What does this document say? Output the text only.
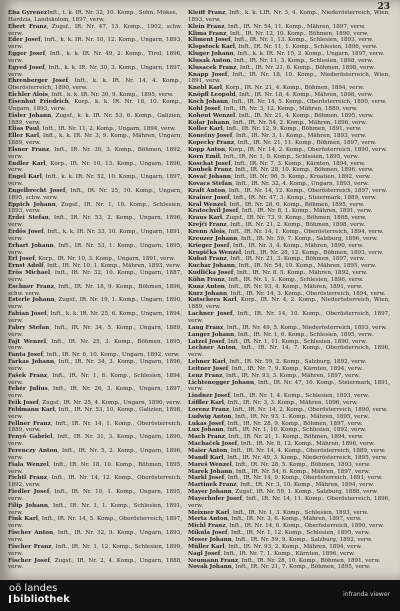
23

Eba GyrenezInft., t. k. IR. Nr. 32, 10. Komp., Sohn. Mükes,

Hardzia, Landskolom, 1897, verw.

Ebert Franz, Zugsf., IR. Nr. 47, 13. Komp., 1902, schw. verw.

Eder Josef, Inft., k. k. IR. Nr. 10, 12. Komp., Ungarn, 1893, verw.

Egger Josef, Inft., k. k. IR. Nr. 49, 2. Komp., Tirol, 1896, verw.

Egyed Josef, Inft., k. k. IR. Nr. 30, 3. Komp., Ungarn, 1897, verw.

Ehrenberger Josef, Inft., k. k. IR. Nr. 14, 4. Komp., Oberösterreich, 1890, verw.

Eichler Alois, Inft., k. k. IR. Nr. 30, 9. Komp., 1895, verw.

Eisenhut Friedrich, Korp., k. k. IR. Nr. 18, 10. Komp., Ungarn, 1893, verw.

Eisler Johann, Zugsf., k. k. IR. Nr. 53, 6. Komp., Galizien, 1889, verw.

Elias Paul, Inft., IR. Nr. 11, 2. Komp., Ungarn, 1894, verw.

Eller Karl, Inft., k. k. IR. Nr. 3, 9. Komp., Mähren, Ungarn, 1889, verw.

Elsner Franz, Inft., IR. Nr. 30, 3. Komp., Böhmen, 1892, verw.

Endler Karl, Korp., IR. Nr. 10, 13. Komp., Ungarn, 1896, verw.

Engel Karl, Inft., k. k. IR. Nr. 52, 10. Komp., Ungarn, 1897, verw.

Engelbrecht Josef, Inft., IR. Nr. 25, 10. Komp., Ungarn, 1895, schw. verw.

Eppich Johann, Zugsf., IR. Nr. 1, 10. Komp., Schlesien, 1893, verw.

Erdei Stefan, Inft., IR. Nr. 53, 2. Komp., Ungarn, 1896, verw.

Erdős Josef, Inft., k. k. IR. Nr. 33, 10. Komp., Ungarn, 1891, verw.

Erhart Johann, Inft., IR. Nr. 53, 1. Komp., Ungarn, 1895, verw.

Erl Josef, Korp., IR. Nr. 10, 3. Komp., Ungarn, 1891, verw.

Ernst Adolf, Inft., IR. Nr. 10, 1. Komp., Mähren, 1893, verw.

Erös Michael, Inft., IR. Nr. 32, 10. Komp., Ungarn, 1887, verw.

Eschner Franz, Inft., IR. Nr. 18, 9. Komp., Böhmen, 1896, schw. verw.

Esterle Johann, Zugsf., IR. Nr. 19, 1. Komp., Ungarn, 1890, verw.

Fabian Josef, Inft., k. k. IR. Nr. 25, 6. Komp., Ungarn, 1894, verw.

Fabry Stefan, Inft., IR. Nr. 34, 5. Komp., Ungarn, 1889, verw.

Fajt Wenzel, Inft., IR. Nr. 25, 3. Komp., Böhmen, 1895, verw.

Fanta Josef, Inft., IR. Nr. 6, 10. Komp., Ungarn, 1892, verw.

Farkas Johann, Inft., IR. Nr. 34, 3. Komp., Ungarn, 1896, verw.

Fašek Franz, Inft., IR. Nr. 1, 8. Komp., Schlesien, 1894, verw.

Fehér Julius, Inft., IR. Nr. 26, 3. Komp., Ungarn, 1897, verw.

Feik Josef, Zugsf., IR. Nr. 25, 4. Komp., Ungarn, 1890, verw.

Feldmann Karl, Inft., IR. Nr. 53, 10. Komp., Galizien, 1898, verw.

Fellner Franz, Inft., IR. Nr. 14, 1. Komp., Oberösterreich, 1889, verw.

Fenyő Gabriel, Inft., IR. Nr. 31, 3. Komp., Ungarn, 1890, verw.

Ferenczy Anton, Inft., IR. Nr. 5, 2. Komp., Ungarn, 1896, verw.

Fiala Wenzel, Inft., IR. Nr. 18, 10. Komp., Böhmen, 1895, verw.

Fichtl Franz, Inft., IR. Nr. 14, 12. Komp., Oberösterreich, 1892, verw.

Fiedler Josef, Inft., IR. Nr. 10, 1. Komp., Ungarn, 1895, verw.

Filip Johann, Inft., IR. Nr. 1, 1. Komp., Schlesien, 1891, verw.

Fink Karl, Inft., IR. Nr. 14, 5. Komp., Oberösterreich, 1897, verw.

Fischer Anton, Inft., IR. Nr. 32, 9. Komp., Ungarn, 1893, verw.

Fischer Franz, Inft., IR. Nr. 1, 12. Komp., Schlesien, 1899, verw.

Fischer Josef, Zugsf., IR. Nr. 2, 4. Komp., Ungarn, 1888, verw.

Kleiff Franz, Inft., k. k. LIR. Nr. 3, 4. Komp., Niederösterreich, Wien, 1893, verw.

Klein Franz, Inft., IR. Nr. 54, 11. Komp., Mähren, 1897, verw.

Klima Franz, Inft., IR. Nr. 12, 10. Komp., Böhmen, 1890, verw.

Kliment Josef, Inft., IR. Nr. 1, 13. Komp., Schlesien, 1893, verw.

Klopstock Karl, Inft., IR. Nr. 11, 1. Komp., Schlesien, 1896, verw.

Kluger Johann, Inft., k. k. IR. Nr. 15, 2. Komp., Ungarn, 1897, verw.

Klusak Anton, Inft., IR. Nr. 11, 3. Komp., Schlesien, 1898, verw.

Klusacek Franz, Inft., IR. Nr. 21, 6. Komp., Böhmen, 1898, verw.

Knapp Josef, Inft., IR. Nr. 18, 10. Komp., Niederösterreich, Wien, 1891, verw.

Knebl Karl, Korp., IR. Nr. 21, 4. Komp., Böhmen, 1894, verw.

Knöpfl Leopold, Inft., IR. Nr. 18, 4. Komp., Mähren, 1898, verw.

Koch Johann, Inft., IR. Nr. 14, 5. Komp., Oberösterreich, 1890, verw.

Kohl Josef, Inft., IR. Nr. 3, 12. Komp., Mähren, 1889, verw.

Kohout Wenzel, Inft., IR. Nr. 21, 4. Komp., Böhmen, 1895, verw.

Kolar Johann, Inft., IR. Nr. 54, 2. Komp., Mähren, 1896, verw.

Koller Karl, Inft., IR. Nr. 12, 9. Komp., Böhmen, 1891, verw.

Konečny Josef, Inft., IR. Nr. 3, 1. Komp., Mähren, 1893, verw.

Kopecky Franz, Inft., IR. Nr. 21, 11. Komp., Böhmen, 1897, verw.

Kopp Anton, Korp., IR. Nr. 14, 2. Komp., Oberösterreich, 1890, verw.

Korn Emil, Inft., IR. Nr. 1, 9. Komp., Schlesien, 1895, verw.

Koschat Josef, Inft., IR. Nr. 7, 3. Komp., Kärnten, 1894, verw.

Koubek Franz, Inft., IR. Nr. 28, 10. Komp., Böhmen, 1896, verw.

Kovač Johann, Inft., IR. Nr. 96, 5. Komp., Kroatien, 1892, verw.

Kovacs Stefan, Inft., IR. Nr. 32, 4. Komp., Ungarn, 1893, verw.

Kraft Anton, Inft., IR. Nr. 14, 12. Komp., Oberösterreich, 1897, verw.

Krainer Josef, Inft., IR. Nr. 47, 3. Komp., Steiermark, 1889, verw.

Kral Wenzel, Inft., IR. Nr. 28, 6. Komp., Böhmen, 1895, verw.

Kratochvil Josef, Inft., IR. Nr. 8, 1. Komp., Mähren, 1891, verw.

Kraus Karl, Zugsf., IR. Nr. 73, 9. Komp., Böhmen, 1888, verw.

Krejči Franz, Inft., IR. Nr. 21, 2. Komp., Böhmen, 1898, verw.

Krenn Alois, Inft., IR. Nr. 14, 1. Komp., Oberösterreich, 1894, verw.

Kreuzer Johann, Inft., IR. Nr. 59, 7. Komp., Salzburg, 1896, verw.

Krieger Josef, Inft., IR. Nr. 3, 4. Komp., Mähren, 1890, verw.

Krupička Wenzel, Inft., IR. Nr. 28, 12. Komp., Böhmen, 1893, verw.

Kubat Franz, Inft., IR. Nr. 21, 3. Komp., Böhmen, 1897, verw.

Kuchar Johann, Inft., IR. Nr. 54, 10. Komp., Mähren, 1895, verw.

Kudlička Josef, Inft., IR. Nr. 8, 5. Komp., Mähren, 1892, verw.

Kühn Franz, Inft., IR. Nr. 1, 1. Komp., Schlesien, 1896, verw.

Kunz Anton, Inft., IR. Nr. 93, 4. Komp., Mähren, 1891, verw.

Kurz Johann, Inft., IR. Nr. 14, 3. Komp., Oberösterreich, 1894, verw.

Kutschera Karl, Korp., IR. Nr. 4, 2. Komp., Niederösterreich, Wien, 1889, verw.

Lachner Josef, Inft., IR. Nr. 14, 10. Komp., Oberösterreich, 1897, verw.

Lang Franz, Inft., IR. Nr. 49, 5. Komp., Niederösterreich, 1893, verw.

Langer Johann, Inft., IR. Nr. 1, 6. Komp., Schlesien, 1895, verw.

Latzel Josef, Inft., IR. Nr. 1, 11. Komp., Schlesien, 1890, verw.

Lechner Anton, Inft., IR. Nr. 14, 7. Komp., Oberösterreich, 1896, verw.

Lehner Karl, Inft., IR. Nr. 59, 2. Komp., Salzburg, 1892, verw.

Leitner Josef, Inft., IR. Nr. 7, 9. Komp., Kärnten, 1894, verw.

Lenz Franz, Inft., IR. Nr. 93, 3. Komp., Mähren, 1897, verw.

Lichtenegger Johann, Inft., IR. Nr. 47, 10. Komp., Steiermark, 1891, verw.

Lindner Josef, Inft., IR. Nr. 1, 4. Komp., Schlesien, 1893, verw.

Löffler Karl, Inft., IR. Nr. 3, 3. Komp., Mähren, 1896, verw.

Lorenz Franz, Inft., IR. Nr. 14, 2. Komp., Oberösterreich, 1890, verw.

Ludwig Anton, Inft., IR. Nr. 93, 1. Komp., Mähren, 1895, verw.

Lukas Josef, Inft., IR. Nr. 28, 9. Komp., Böhmen, 1897, verw.

Lux Johann, Inft., IR. Nr. 1, 10. Komp., Schlesien, 1892, verw.

Mach Franz, Inft., IR. Nr. 21, 1. Komp., Böhmen, 1894, verw.

Machaček Josef, Inft., IR. Nr. 8, 12. Komp., Mähren, 1896, verw.

Maier Anton, Inft., IR. Nr. 14, 4. Komp., Oberösterreich, 1889, verw.

Mandl Karl, Inft., IR. Nr. 49, 3. Komp., Niederösterreich, 1895, verw.

Mareš Wenzel, Inft., IR. Nr. 28, 5. Komp., Böhmen, 1893, verw.

Marek Johann, Inft., IR. Nr. 54, 6. Komp., Mähren, 1897, verw.

Markl Josef, Inft., IR. Nr. 14, 9. Komp., Oberösterreich, 1891, verw.

Martinek Franz, Inft., IR. Nr. 3, 10. Komp., Mähren, 1894, verw.

Mayer Johann, Zugsf., IR. Nr. 59, 1. Komp., Salzburg, 1888, verw.

Mayerhofer Josef, Inft., IR. Nr. 14, 11. Komp., Oberösterreich, 1896, verw.

Meixner Karl, Inft., IR. Nr. 1, 3. Komp., Schlesien, 1893, verw.

Merta Anton, Inft., IR. Nr. 3, 6. Komp., Mähren, 1897, verw.

Michl Franz, Inft., IR. Nr. 14, 6. Komp., Oberösterreich, 1890, verw.

Mikula Josef, Inft., IR. Nr. 1, 12. Komp., Schlesien, 1895, verw.

Moser Johann, Inft., IR. Nr. 59, 9. Komp., Salzburg, 1892, verw.

Müller Karl, Inft., IR. Nr. 93, 2. Komp., Mähren, 1894, verw.

Nagl Josef, Inft., IR. Nr. 7, 1. Komp., Kärnten, 1896, verw.

Neumann Franz, Inft., IR. Nr. 28, 10. Komp., Böhmen, 1891, verw.

Novak Johann, Inft., IR. Nr. 21, 7. Komp., Böhmen, 1895, verw.

oö landes
bibliothek	infranda viewer
